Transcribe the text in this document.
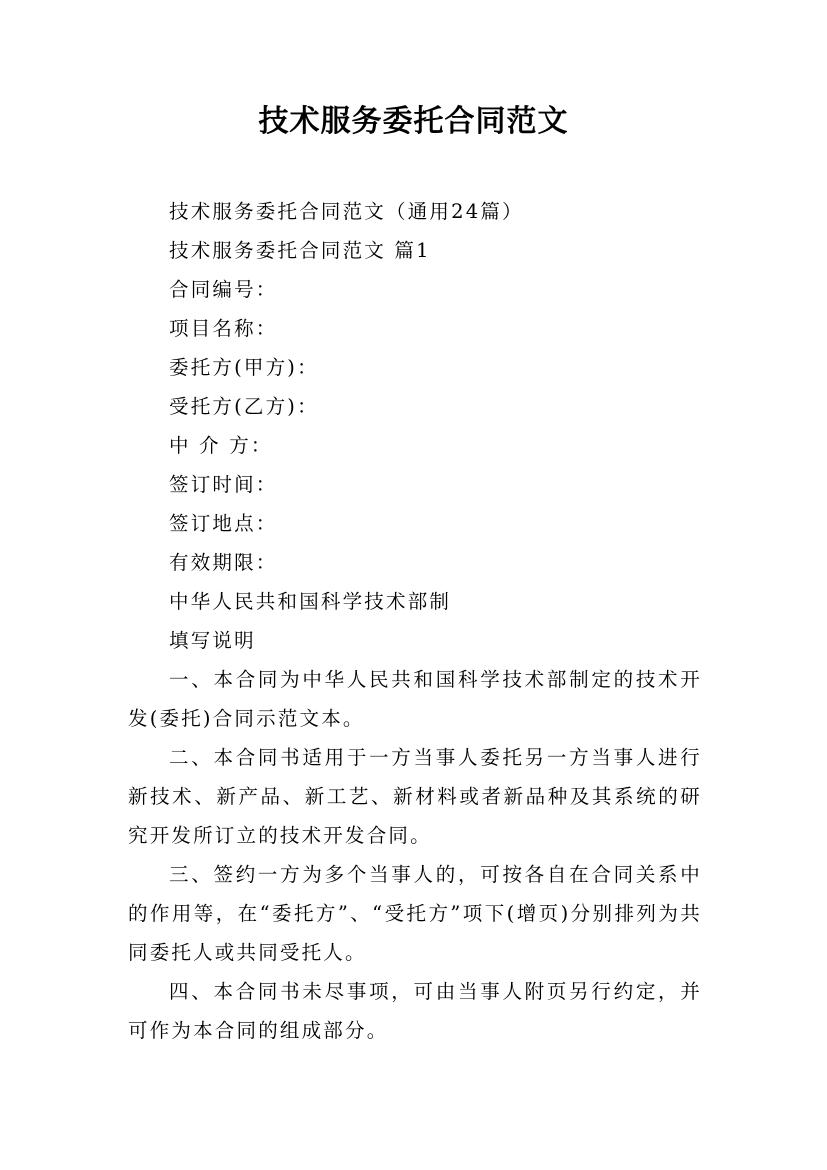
技术服务委托合同范文

技术服务委托合同范文（通用24篇）

技术服务委托合同范文 篇1

合同编号：

项目名称：

委托方(甲方)：

受托方(乙方)：

中 介 方：

签订时间：

签订地点：

有效期限：

中华人民共和国科学技术部制

填写说明

一、本合同为中华人民共和国科学技术部制定的技术开发(委托)合同示范文本。

二、本合同书适用于一方当事人委托另一方当事人进行新技术、新产品、新工艺、新材料或者新品种及其系统的研究开发所订立的技术开发合同。

三、签约一方为多个当事人的，可按各自在合同关系中的作用等，在“委托方”、“受托方”项下(增页)分别排列为共同委托人或共同受托人。

四、本合同书未尽事项，可由当事人附页另行约定，并可作为本合同的组成部分。
